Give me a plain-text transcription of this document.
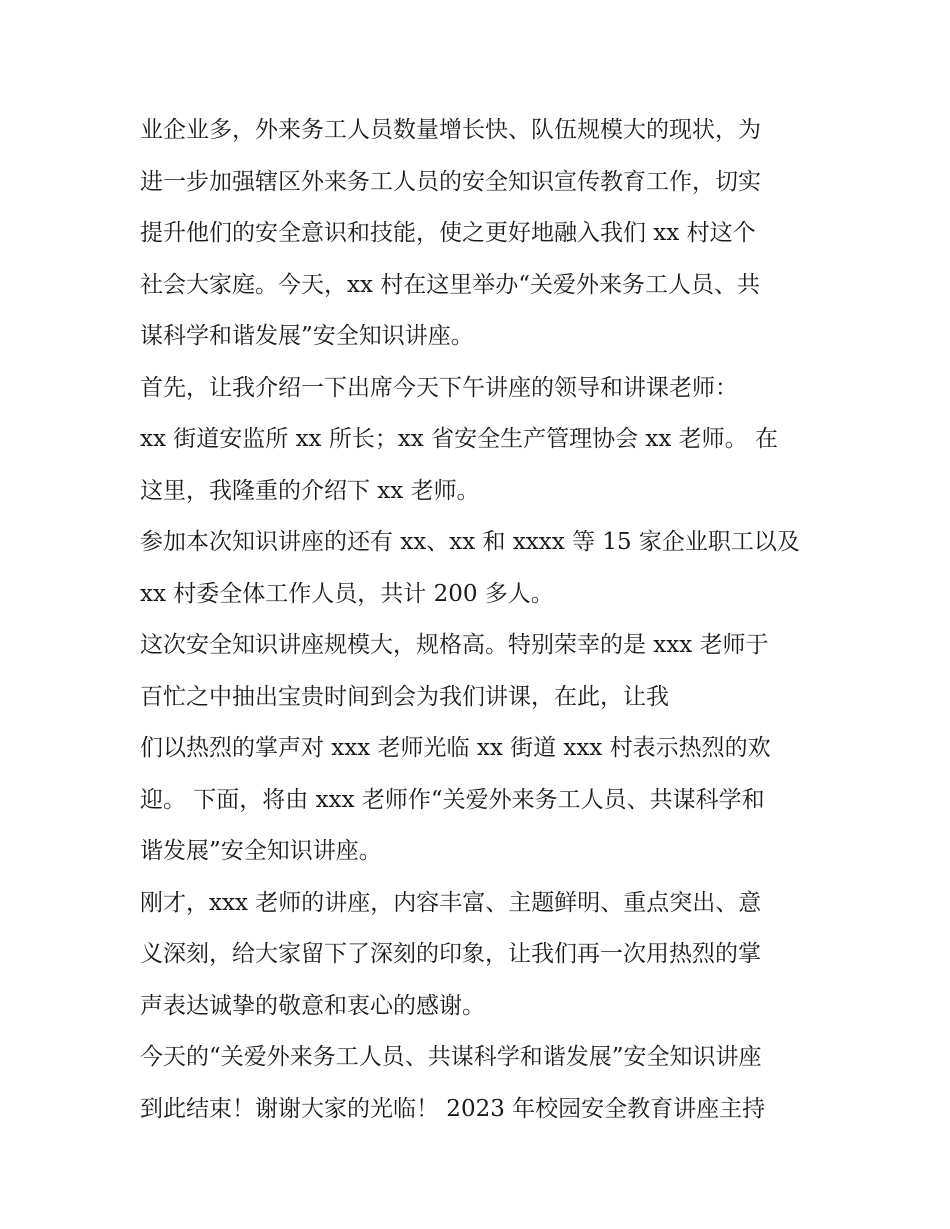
业企业多，外来务工人员数量增长快、队伍规模大的现状，为
进一步加强辖区外来务工人员的安全知识宣传教育工作，切实
提升他们的安全意识和技能，使之更好地融入我们 xx 村这个
社会大家庭。今天，xx 村在这里举办“关爱外来务工人员、共
谋科学和谐发展”安全知识讲座。
首先，让我介绍一下出席今天下午讲座的领导和讲课老师：
xx 街道安监所 xx 所长；xx 省安全生产管理协会 xx 老师。 在
这里，我隆重的介绍下 xx 老师。
参加本次知识讲座的还有 xx、xx 和 xxxx 等 15 家企业职工以及
xx 村委全体工作人员，共计 200 多人。
这次安全知识讲座规模大，规格高。特别荣幸的是 xxx 老师于
百忙之中抽出宝贵时间到会为我们讲课，在此，让我
们以热烈的掌声对 xxx 老师光临 xx 街道 xxx 村表示热烈的欢
迎。 下面，将由 xxx 老师作“关爱外来务工人员、共谋科学和
谐发展”安全知识讲座。
刚才，xxx 老师的讲座，内容丰富、主题鲜明、重点突出、意
义深刻，给大家留下了深刻的印象，让我们再一次用热烈的掌
声表达诚挚的敬意和衷心的感谢。
今天的“关爱外来务工人员、共谋科学和谐发展”安全知识讲座
到此结束！谢谢大家的光临！ 2023 年校园安全教育讲座主持
